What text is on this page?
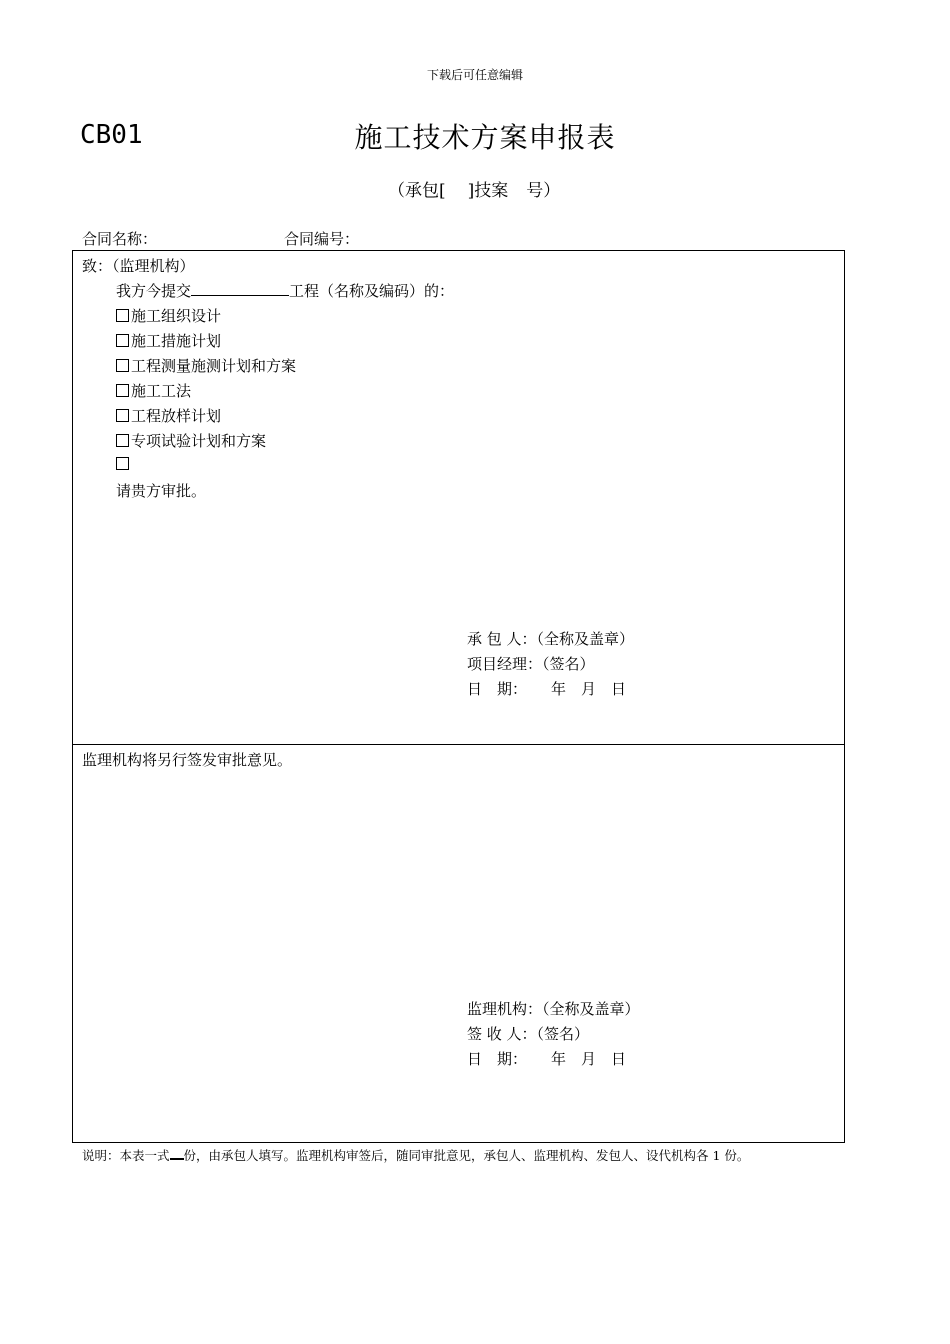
下载后可任意编辑
CB01	施工技术方案申报表
（承包[ ]技案 号）
合同名称：	合同编号：
致：（监理机构）
我方今提交	工程（名称及编码）的：
施工组织设计
施工措施计划
工程测量施测计划和方案
施工工法
工程放样计划
专项试验计划和方案
请贵方审批。
承 包 人：（全称及盖章）
项目经理：（签名）
日　期： 年　月　日
监理机构将另行签发审批意见。
监理机构：（全称及盖章）
签 收 人：（签名）
日　期： 年　月　日
说明：本表一式 份，由承包人填写。监理机构审签后，随同审批意见，承包人、监理机构、发包人、设代机构各 1 份。
